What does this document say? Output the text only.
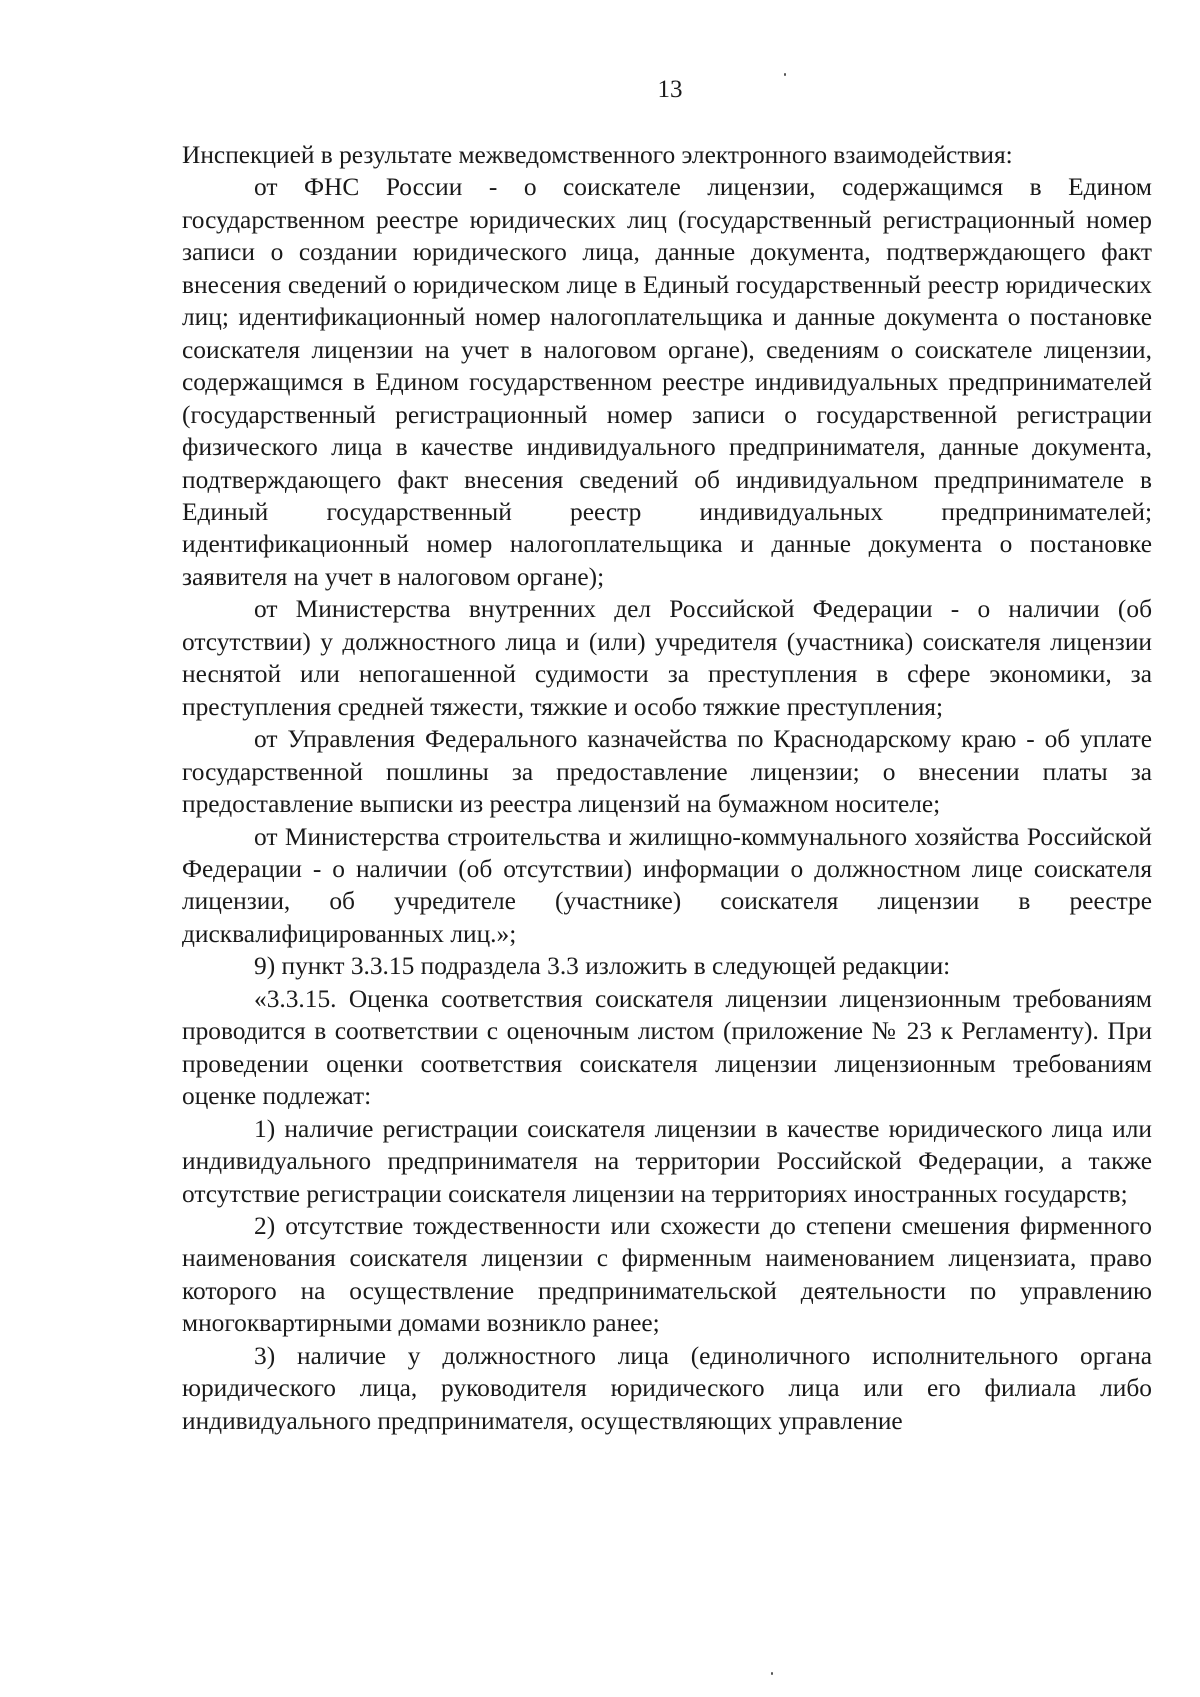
13

Инспекцией в результате межведомственного электронного взаимодействия:

от ФНС России - о соискателе лицензии, содержащимся в Едином государственном реестре юридических лиц (государственный регистрационный номер записи о создании юридического лица, данные документа, подтверждающего факт внесения сведений о юридическом лице в Единый государственный реестр юридических лиц; идентификационный номер налогоплательщика и данные документа о постановке соискателя лицензии на учет в налоговом органе), сведениям о соискателе лицензии, содержащимся в Едином государственном реестре индивидуальных предпринимателей (государственный регистрационный номер записи о государственной регистрации физического лица в качестве индивидуального предпринимателя, данные документа, подтверждающего факт внесения сведений об индивидуальном предпринимателе в Единый государственный реестр индивидуальных предпринимателей; идентификационный номер налогоплательщика и данные документа о постановке заявителя на учет в налоговом органе);

от Министерства внутренних дел Российской Федерации - о наличии (об отсутствии) у должностного лица и (или) учредителя (участника) соискателя лицензии неснятой или непогашенной судимости за преступления в сфере экономики, за преступления средней тяжести, тяжкие и особо тяжкие преступления;

от Управления Федерального казначейства по Краснодарскому краю - об уплате государственной пошлины за предоставление лицензии; о внесении платы за предоставление выписки из реестра лицензий на бумажном носителе;

от Министерства строительства и жилищно-коммунального хозяйства Российской Федерации - о наличии (об отсутствии) информации о должностном лице соискателя лицензии, об учредителе (участнике) соискателя лицензии в реестре дисквалифицированных лиц.»;

9) пункт 3.3.15 подраздела 3.3 изложить в следующей редакции:

«3.3.15. Оценка соответствия соискателя лицензии лицензионным требованиям проводится в соответствии с оценочным листом (приложение № 23 к Регламенту). При проведении оценки соответствия соискателя лицензии лицензионным требованиям оценке подлежат:

1) наличие регистрации соискателя лицензии в качестве юридического лица или индивидуального предпринимателя на территории Российской Федерации, а также отсутствие регистрации соискателя лицензии на территориях иностранных государств;

2) отсутствие тождественности или схожести до степени смешения фирменного наименования соискателя лицензии с фирменным наименованием лицензиата, право которого на осуществление предпринимательской деятельности по управлению многоквартирными домами возникло ранее;

3) наличие у должностного лица (единоличного исполнительного органа юридического лица, руководителя юридического лица или его филиала либо индивидуального предпринимателя, осуществляющих управление
